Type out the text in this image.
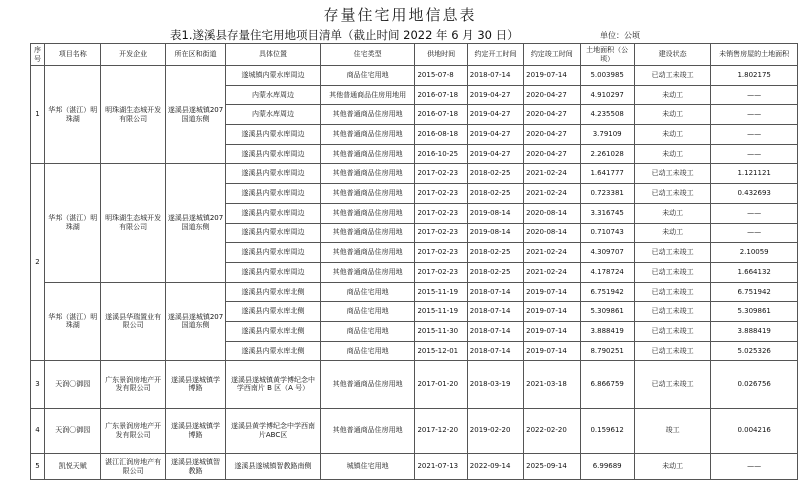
存量住宅用地信息表
表1.遂溪县存量住宅用地项目清单（截止时间 2022 年 6 月 30 日）	单位：公顷
序号	项目名称	开发企业	所在区和街道	具体位置	住宅类型	供地时间	约定开工时间	约定竣工时间	土地面积（公顷）	建设状态	未销售房屋的土地面积
1	华邦（湛江）明珠湖	明珠湖生态城开发有限公司	遂溪县遂城镇207国道东侧	遂城镇内蒙水库周边	商品住宅用地	2015-07-8	2018-07-14	2019-07-14	5.003985	已动工未竣工	1.802175
				内蒙水库周边	其他普通商品住房用地用	2016-07-18	2019-04-27	2020-04-27	4.910297	未动工	——
				内蒙水库周边	其他普通商品住房用地	2016-07-18	2019-04-27	2020-04-27	4.235508	未动工	——
				遂溪县内蒙水库周边	其他普通商品住房用地	2016-08-18	2019-04-27	2020-04-27	3.79109	未动工	——
				遂溪县内蒙水库周边	其他普通商品住房用地	2016-10-25	2019-04-27	2020-04-27	2.261028	未动工	——
2	华邦（湛江）明珠湖	明珠湖生态城开发有限公司	遂溪县遂城镇207国道东侧	遂溪县内蒙水库周边	其他普通商品住房用地	2017-02-23	2018-02-25	2021-02-24	1.641777	已动工未竣工	1.121121
				遂溪县内蒙水库周边	其他普通商品住房用地	2017-02-23	2018-02-25	2021-02-24	0.723381	已动工未竣工	0.432693
				遂溪县内蒙水库周边	其他普通商品住房用地	2017-02-23	2019-08-14	2020-08-14	3.316745	未动工	——
				遂溪县内蒙水库周边	其他普通商品住房用地	2017-02-23	2019-08-14	2020-08-14	0.710743	未动工	——
				遂溪县内蒙水库周边	其他普通商品住房用地	2017-02-23	2018-02-25	2021-02-24	4.309707	已动工未竣工	2.10059
				遂溪县内蒙水库周边	其他普通商品住房用地	2017-02-23	2018-02-25	2021-02-24	4.178724	已动工未竣工	1.664132
	华邦（湛江）明珠湖	遂溪县华瑞置业有限公司	遂溪县遂城镇207国道东侧	遂溪县内蒙水库北侧	商品住宅用地	2015-11-19	2018-07-14	2019-07-14	6.751942	已动工未竣工	6.751942
				遂溪县内蒙水库北侧	商品住宅用地	2015-11-19	2018-07-14	2019-07-14	5.309861	已动工未竣工	5.309861
				遂溪县内蒙水库北侧	商品住宅用地	2015-11-30	2018-07-14	2019-07-14	3.888419	已动工未竣工	3.888419
				遂溪县内蒙水库北侧	商品住宅用地	2015-12-01	2018-07-14	2019-07-14	8.790251	已动工未竣工	5.025326
3	天润〇御园	广东景润房地产开发有限公司	遂溪县遂城镇学博路	遂溪县遂城镇黄学博纪念中学西南片 B 区（A 号）	其他普通商品住房用地	2017-01-20	2018-03-19	2021-03-18	6.866759	已动工未竣工	0.026756
4	天润〇御园	广东景润房地产开发有限公司	遂溪县遂城镇学博路	遂溪县黄学博纪念中学西南片ABC区	其他普通商品住房用地	2017-12-20	2019-02-20	2022-02-20	0.159612	竣工	0.004216
5	凯悦天赋	湛江汇润房地产有限公司	遂溪县遂城镇智教路	遂溪县遂城镇智教路南侧	城镇住宅用地	2021-07-13	2022-09-14	2025-09-14	6.99689	未动工	——
